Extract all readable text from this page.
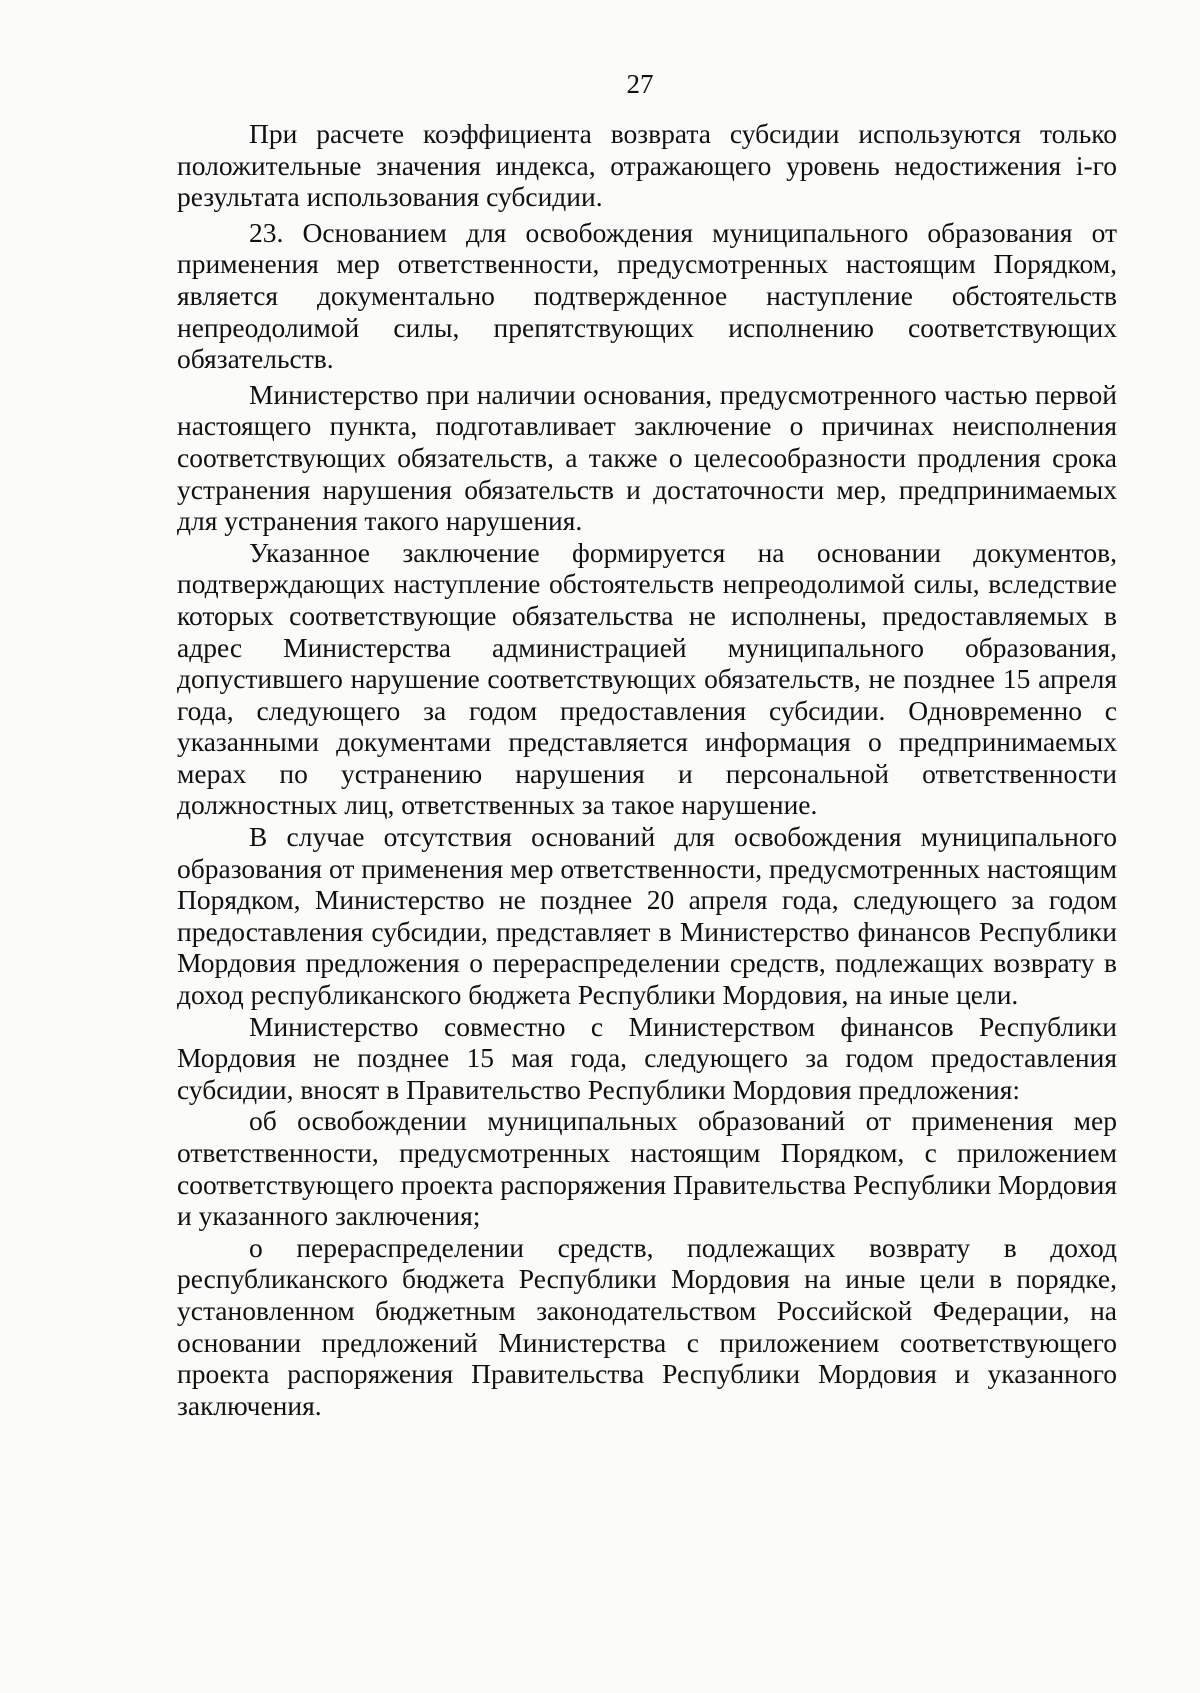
27

При расчете коэффициента возврата субсидии используются только положительные значения индекса, отражающего уровень недостижения i-го результата использования субсидии.

23. Основанием для освобождения муниципального образования от применения мер ответственности, предусмотренных настоящим Порядком, является документально подтвержденное наступление обстоятельств непреодолимой силы, препятствующих исполнению соответствующих обязательств.

Министерство при наличии основания, предусмотренного частью первой настоящего пункта, подготавливает заключение о причинах неисполнения соответствующих обязательств, а также о целесообразности продления срока устранения нарушения обязательств и достаточности мер, предпринимаемых для устранения такого нарушения.

Указанное заключение формируется на основании документов, подтверждающих наступление обстоятельств непреодолимой силы, вследствие которых соответствующие обязательства не исполнены, предоставляемых в адрес Министерства администрацией муниципального образования, допустившего нарушение соответствующих обязательств, не позднее 15 апреля года, следующего за годом предоставления субсидии. Одновременно с указанными документами представляется информация о предпринимаемых мерах по устранению нарушения и персональной ответственности должностных лиц, ответственных за такое нарушение.

В случае отсутствия оснований для освобождения муниципального образования от применения мер ответственности, предусмотренных настоящим Порядком, Министерство не позднее 20 апреля года, следующего за годом предоставления субсидии, представляет в Министерство финансов Республики Мордовия предложения о перераспределении средств, подлежащих возврату в доход республиканского бюджета Республики Мордовия, на иные цели.

Министерство совместно с Министерством финансов Республики Мордовия не позднее 15 мая года, следующего за годом предоставления субсидии, вносят в Правительство Республики Мордовия предложения:

об освобождении муниципальных образований от применения мер ответственности, предусмотренных настоящим Порядком, с приложением соответствующего проекта распоряжения Правительства Республики Мордовия и указанного заключения;

о перераспределении средств, подлежащих возврату в доход республиканского бюджета Республики Мордовия на иные цели в порядке, установленном бюджетным законодательством Российской Федерации, на основании предложений Министерства с приложением соответствующего проекта распоряжения Правительства Республики Мордовия и указанного заключения.
